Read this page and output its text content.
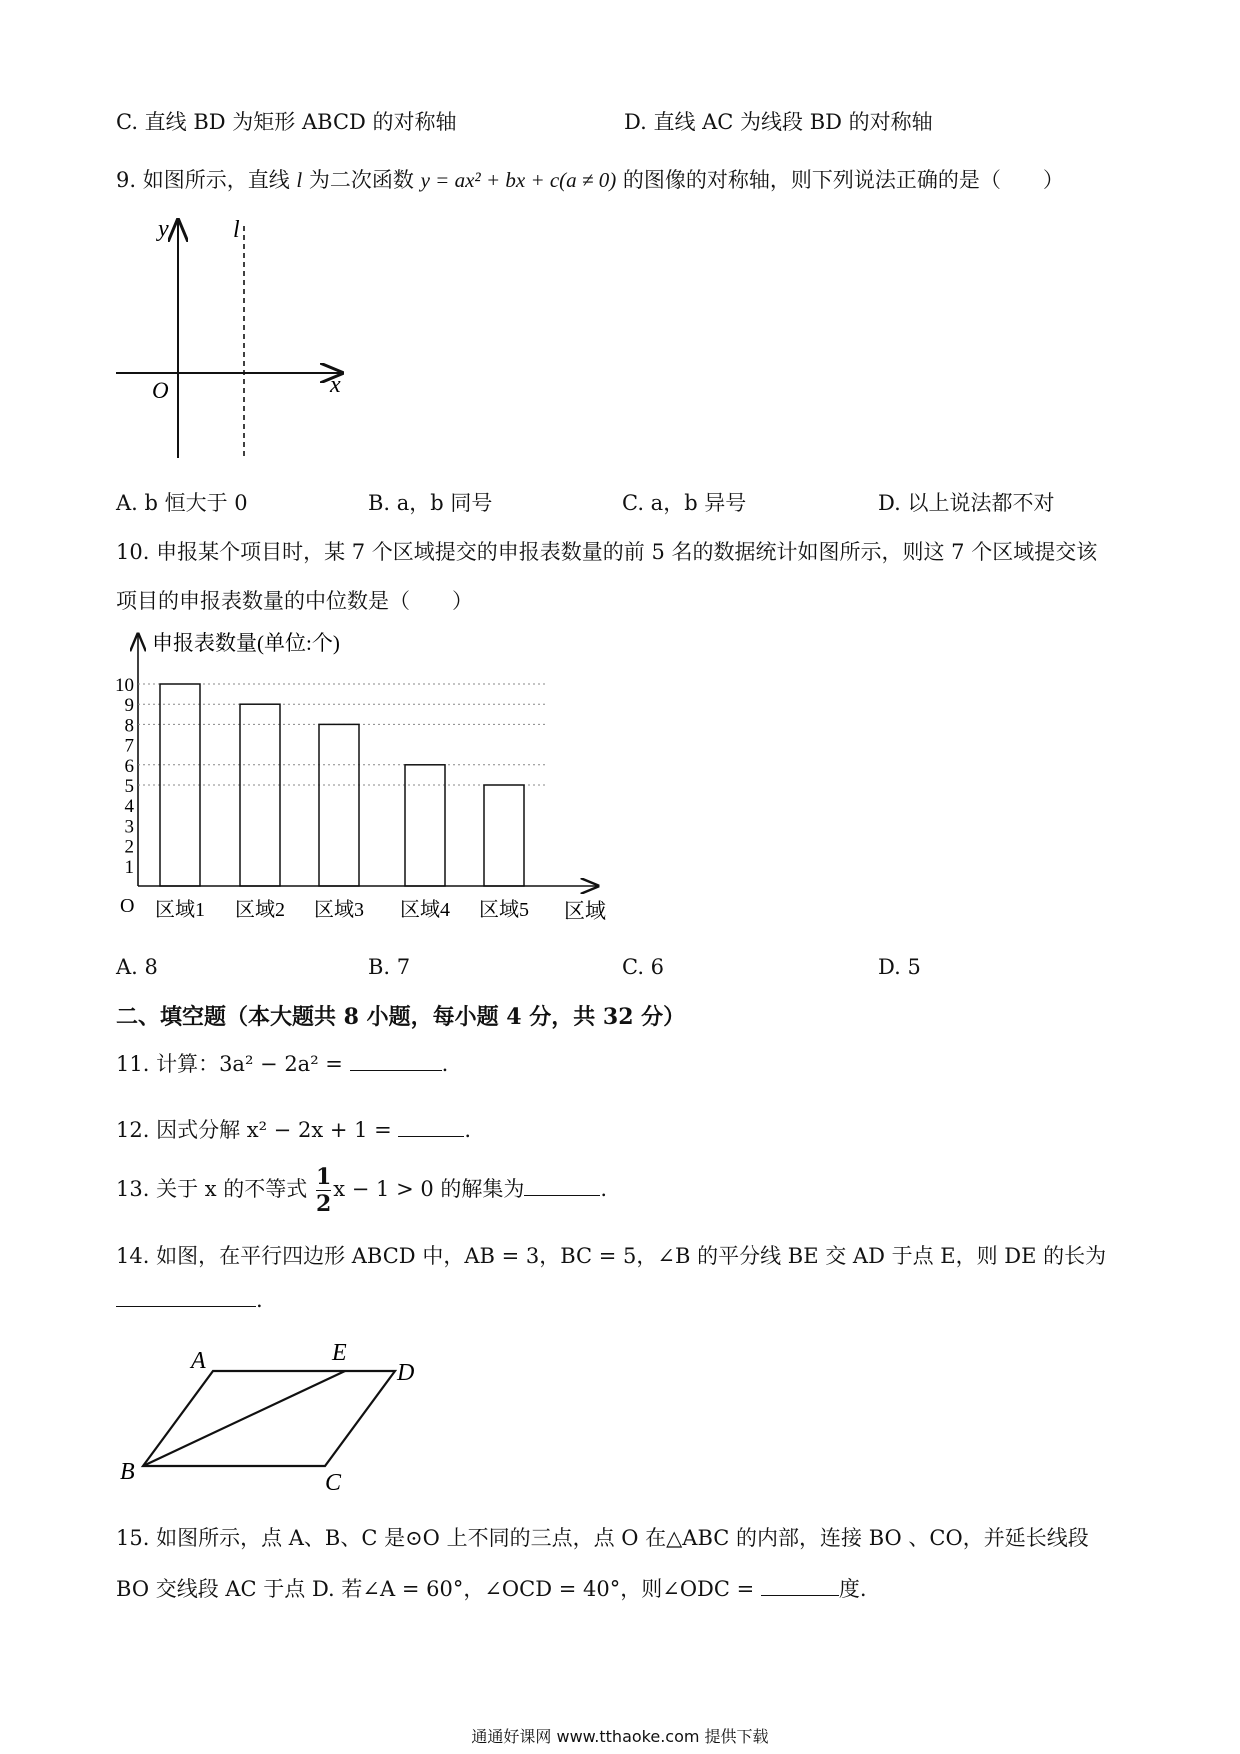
C. 直线 BD 为矩形 ABCD 的对称轴	D. 直线 AC 为线段 BD 的对称轴
9. 如图所示，直线 l 为二次函数 y = ax² + bx + c(a ≠ 0) 的图像的对称轴，则下列说法正确的是（　　）
y	l
O	x
A. b 恒大于 0	B. a，b 同号	C. a，b 异号	D. 以上说法都不对
10. 申报某个项目时，某 7 个区域提交的申报表数量的前 5 名的数据统计如图所示，则这 7 个区域提交该
项目的申报表数量的中位数是（　　）
申报表数量(单位:个)
区域
O
1
2
3
4
5
6
7
8
9
10
区域1 区域2 区域3 区域4 区域5
A. 8	B. 7	C. 6	D. 5
二、填空题（本大题共 8 小题，每小题 4 分，共 32 分）
11. 计算：3a² − 2a² =	.
12. 因式分解 x² − 2x + 1 =	.
13. 关于 x 的不等式 $\frac{1}{2}$ x − 1 > 0 的解集为	.
14. 如图，在平行四边形 ABCD 中，AB = 3，BC = 5，∠B 的平分线 BE 交 AD 于点 E，则 DE 的长为
.
A	E
D
B	C
15. 如图所示，点 A、B、C 是⊙O 上不同的三点，点 O 在△ABC 的内部，连接 BO 、CO，并延长线段
BO 交线段 AC 于点 D. 若∠A = 60°，∠OCD = 40°，则∠ODC =	度.
通通好课网 www.tthaoke.com 提供下载
